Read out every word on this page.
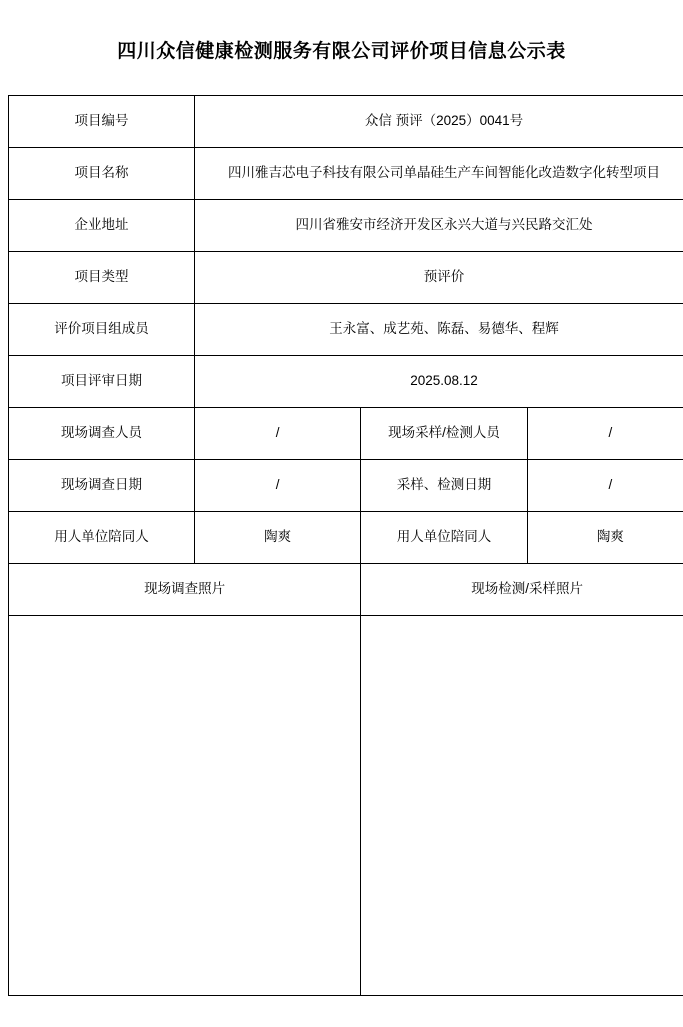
四川众信健康检测服务有限公司评价项目信息公示表
项目编号	众信 预评（2025）0041号		
项目名称	四川雅吉芯电子科技有限公司单晶硅生产车间智能化改造数字化转型项目		
企业地址	四川省雅安市经济开发区永兴大道与兴民路交汇处		
项目类型	预评价		
评价项目组成员	王永富、成艺苑、陈磊、易德华、程辉		
项目评审日期	2025.08.12		
现场调查人员	/	现场采样/检测人员	/
现场调查日期	/	采样、检测日期	/
用人单位陪同人	陶爽	用人单位陪同人	陶爽
现场调查照片		现场检测/采样照片	
